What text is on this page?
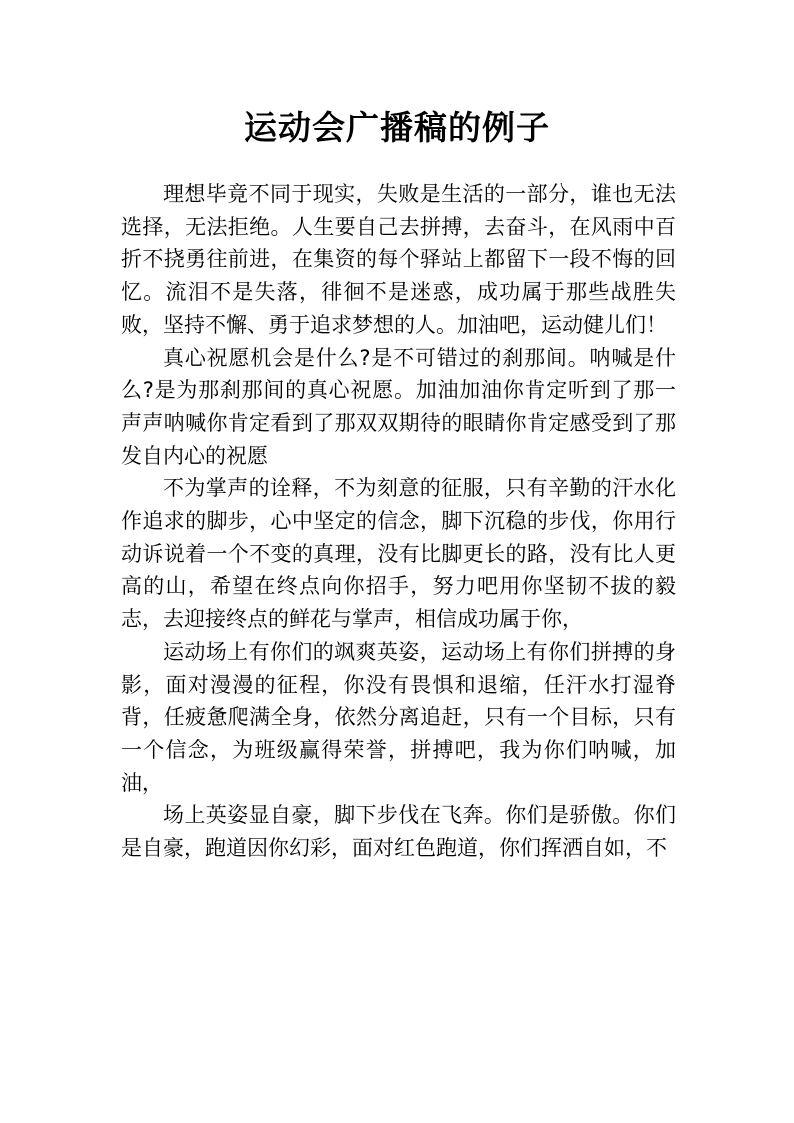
运动会广播稿的例子

理想毕竟不同于现实，失败是生活的一部分，谁也无法选择，无法拒绝。人生要自己去拼搏，去奋斗，在风雨中百折不挠勇往前进，在集资的每个驿站上都留下一段不悔的回忆。流泪不是失落，徘徊不是迷惑，成功属于那些战胜失败，坚持不懈、勇于追求梦想的人。加油吧，运动健儿们！

真心祝愿机会是什么?是不可错过的刹那间。呐喊是什么?是为那刹那间的真心祝愿。加油加油你肯定听到了那一声声呐喊你肯定看到了那双双期待的眼睛你肯定感受到了那发自内心的祝愿

不为掌声的诠释，不为刻意的征服，只有辛勤的汗水化作追求的脚步，心中坚定的信念，脚下沉稳的步伐，你用行动诉说着一个不变的真理，没有比脚更长的路，没有比人更高的山，希望在终点向你招手，努力吧用你坚韧不拔的毅志，去迎接终点的鲜花与掌声，相信成功属于你，

运动场上有你们的飒爽英姿，运动场上有你们拼搏的身影，面对漫漫的征程，你没有畏惧和退缩，任汗水打湿脊背，任疲惫爬满全身，依然分离追赶，只有一个目标，只有一个信念，为班级赢得荣誉，拼搏吧，我为你们呐喊，加油，

场上英姿显自豪，脚下步伐在飞奔。你们是骄傲。你们是自豪，跑道因你幻彩，面对红色跑道，你们挥洒自如，不
